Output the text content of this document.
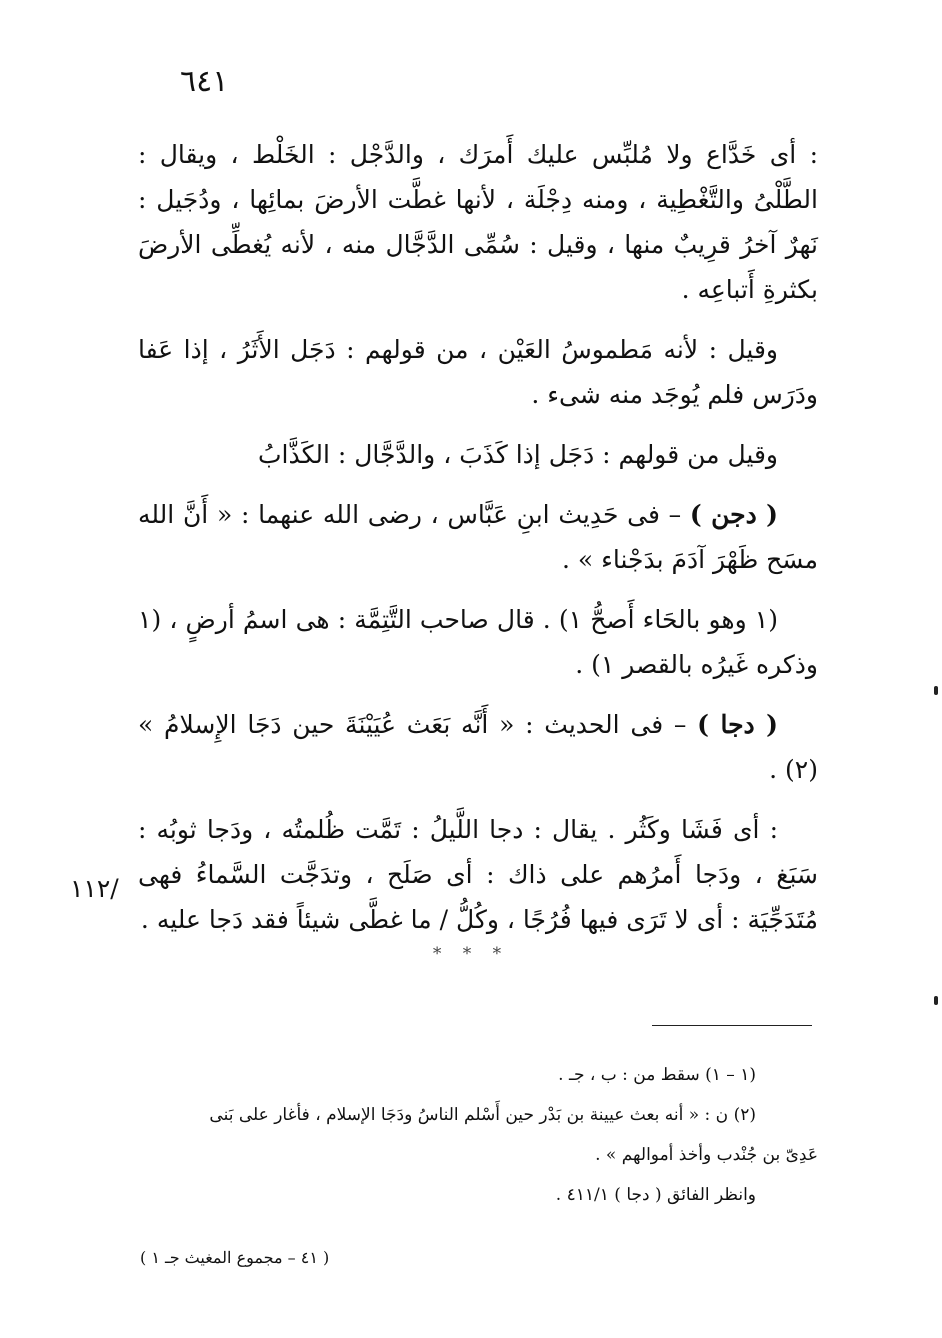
٦٤١

: أى خَدَّاع ولا مُلبِّس عليك أَمرَك ، والدَّجْل : الخَلْط ، ويقال : الطَّلْىُ والتَّغْطِية ، ومنه دِجْلَة ، لأنها غطَّت الأرضَ بمائِها ، ودُجَيل : نَهرٌ آخرُ قرِيبٌ منها ، وقيل : سُمِّى الدَّجَّال منه ، لأنه يُغطِّى الأرضَ بكثرةِ أَتباعِه .

وقيل : لأنه مَطموسُ العَيْن ، من قولهم : دَجَل الأَثَرُ ، إذا عَفا ودَرَس فلم يُوجَد منه شىء .

وقيل من قولهم : دَجَل إذا كَذَبَ ، والدَّجَّال : الكَذَّابُ

( دجن ) – فى حَدِيث ابنِ عَبَّاس ، رضى الله عنهما : « أَنَّ الله مسَح ظَهْرَ آدَمَ بدَجْناء » .

(١ وهو بالحَاء أَصحُّ ١) . قال صاحب التَّتِمَّة : هى اسمُ أرضٍ ، (١ وذكره غَيرُه بالقصر ١) .

( دجا ) – فى الحديث : « أَنَّه بَعَث عُيَيْنَةَ حين دَجَا الإِسلامُ » (٢) .

: أى فَشَا وكَثُر . يقال : دجا اللَّيلُ : تَمَّت ظُلمتُه ، ودَجا ثوبُه : سَبَغ ، ودَجا أَمرُهم على ذاك : أى صَلَح ، وتدَجَّت السَّماءُ فهى مُتَدَجِّيَة : أى لا تَرَى فيها فُرُجًا ، وكُلُّ / ما غطَّى شيئاً فقد دَجا عليه .

/١١٢
* * *

(١ – ١) سقط من : ب ، جـ .

(٢) ن : « أنه بعث عيينة بن بَدْر حين أَسْلم الناسُ ودَجَا الإسلام ، فأغار على بَنى

عَدِىّ بن جُنْدب وأخذ أموالهم » .

وانظر الفائق ( دجا ) ٤١١/١ .

( ٤١ – مجموع المغيث جـ ١ )
